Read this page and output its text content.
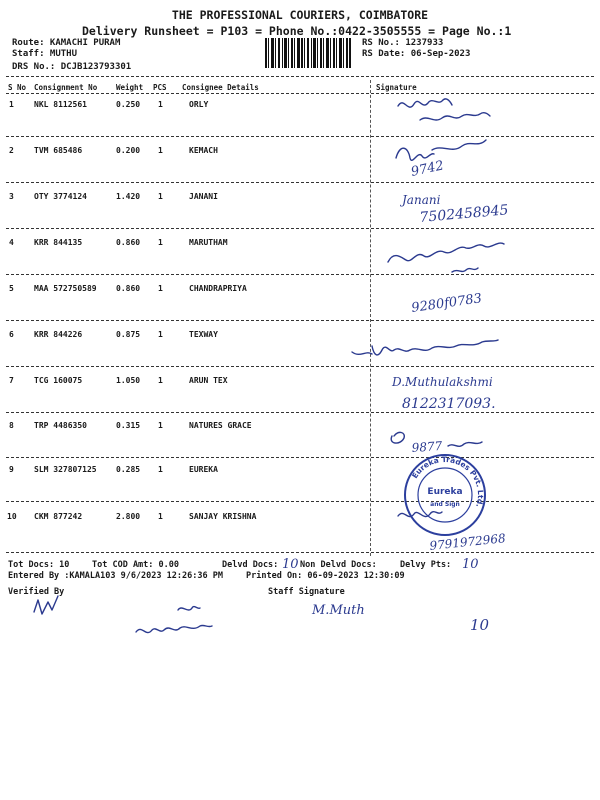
THE PROFESSIONAL COURIERS, COIMBATORE
Delivery Runsheet = P103 = Phone No.:0422-3505555 = Page No.:1
Route: KAMACHI PURAM
Staff: MUTHU
DRS No.: DCJB123793301
RS No.: 1237933
RS Date: 06-Sep-2023
S No Consignment No	Weight PCS Consignee Details	Signature
1	NKL 8112561	0.250 1	ORLY
2	TVM 685486	0.200 1	KEMACH
3	OTY 3774124	1.420 1	JANANI
4	KRR 844135	0.860 1	MARUTHAM
5	MAA 572750589 0.860 1	CHANDRAPRIYA
6	KRR 844226	0.875 1	TEXWAY
7	TCG 160075	1.050 1	ARUN TEX
8	TRP 4486350	0.315 1	NATURES GRACE
9	SLM 327807125 0.285 1	EUREKA
10 CKM 877242	2.800 1	SANJAY KRISHNA
9742
Janani
7502458945
9280f0783
D.Muthulakshmi
8122317093.
9877
9791972968
10	10
M.Muth
10
Eureka Trades Pvt. Ltd.
Eureka
and Sign
Tot Docs: 10	Tot COD Amt: 0.00	Delvd Docs:	Non Delvd Docs:	Delvy Pts:
Entered By :KAMALA103 9/6/2023 12:26:36 PM	Printed On: 06-09-2023 12:30:09
Verified By	Staff Signature
